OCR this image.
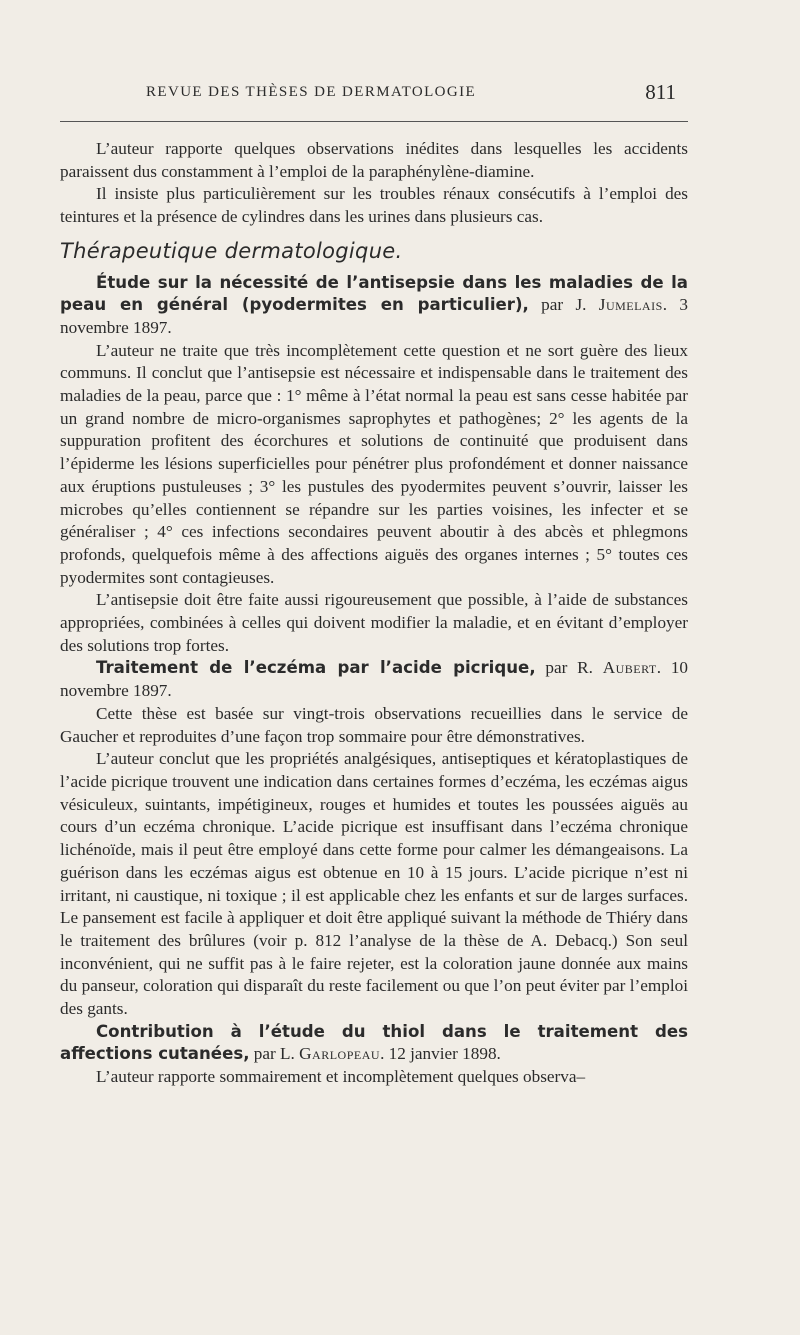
REVUE DES THÈSES DE DERMATOLOGIE	811

L’auteur rapporte quelques observations inédites dans lesquelles les accidents paraissent dus constamment à l’emploi de la paraphénylène-diamine.

Il insiste plus particulièrement sur les troubles rénaux consécutifs à l’emploi des teintures et la présence de cylindres dans les urines dans plusieurs cas.

Thérapeutique dermatologique.

Étude sur la nécessité de l’antisepsie dans les maladies de la peau en général (pyodermites en particulier), par J. Jumelais. 3 novembre 1897.

L’auteur ne traite que très incomplètement cette question et ne sort guère des lieux communs. Il conclut que l’antisepsie est nécessaire et indispensable dans le traitement des maladies de la peau, parce que : 1° même à l’état normal la peau est sans cesse habitée par un grand nombre de micro-organismes saprophytes et pathogènes; 2° les agents de la suppuration profitent des écorchures et solutions de continuité que produisent dans l’épiderme les lésions superficielles pour pénétrer plus profondément et donner naissance aux éruptions pustuleuses ; 3° les pustules des pyodermites peuvent s’ouvrir, laisser les microbes qu’elles contiennent se répandre sur les parties voisines, les infecter et se généraliser ; 4° ces infections secondaires peuvent aboutir à des abcès et phlegmons profonds, quelquefois même à des affections aiguës des organes internes ; 5° toutes ces pyodermites sont contagieuses.

L’antisepsie doit être faite aussi rigoureusement que possible, à l’aide de substances appropriées, combinées à celles qui doivent modifier la maladie, et en évitant d’employer des solutions trop fortes.

Traitement de l’eczéma par l’acide picrique, par R. Aubert. 10 novembre 1897.

Cette thèse est basée sur vingt-trois observations recueillies dans le service de Gaucher et reproduites d’une façon trop sommaire pour être démonstratives.

L’auteur conclut que les propriétés analgésiques, antiseptiques et kératoplastiques de l’acide picrique trouvent une indication dans certaines formes d’eczéma, les eczémas aigus vésiculeux, suintants, impétigineux, rouges et humides et toutes les poussées aiguës au cours d’un eczéma chronique. L’acide picrique est insuffisant dans l’eczéma chronique lichénoïde, mais il peut être employé dans cette forme pour calmer les démangeaisons. La guérison dans les eczémas aigus est obtenue en 10 à 15 jours. L’acide picrique n’est ni irritant, ni caustique, ni toxique ; il est applicable chez les enfants et sur de larges surfaces. Le pansement est facile à appliquer et doit être appliqué suivant la méthode de Thiéry dans le traitement des brûlures (voir p. 812 l’analyse de la thèse de A. Debacq.) Son seul inconvénient, qui ne suffit pas à le faire rejeter, est la coloration jaune donnée aux mains du panseur, coloration qui disparaît du reste facilement ou que l’on peut éviter par l’emploi des gants.

Contribution à l’étude du thiol dans le traitement des affections cutanées, par L. Garlopeau. 12 janvier 1898.

L’auteur rapporte sommairement et incomplètement quelques observa–
